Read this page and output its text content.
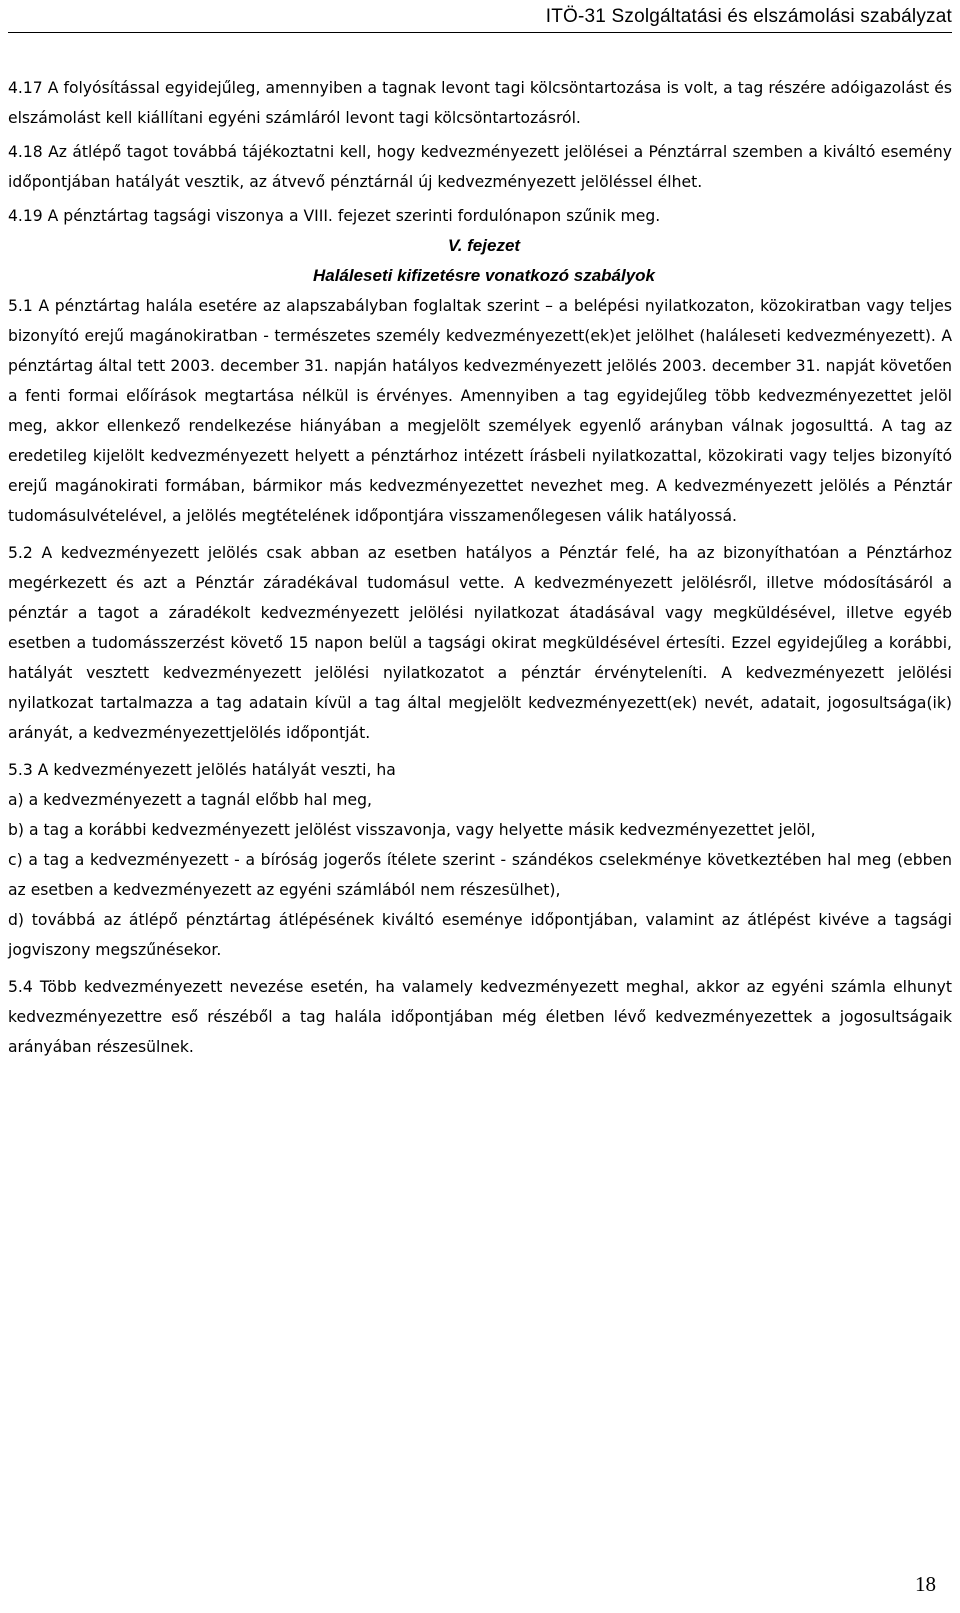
ITÖ-31 Szolgáltatási és elszámolási szabályzat

4.17 A folyósítással egyidejűleg, amennyiben a tagnak levont tagi kölcsöntartozása is volt, a tag részére adóigazolást és elszámolást kell kiállítani egyéni számláról levont tagi kölcsöntartozásról.

4.18 Az átlépő tagot továbbá tájékoztatni kell, hogy kedvezményezett jelölései a Pénztárral szemben a kiváltó esemény időpontjában hatályát vesztik, az átvevő pénztárnál új kedvezményezett jelöléssel élhet.

4.19 A pénztártag tagsági viszonya a VIII. fejezet szerinti fordulónapon szűnik meg.

V. fejezet

Haláleseti kifizetésre vonatkozó szabályok

5.1 A pénztártag halála esetére az alapszabályban foglaltak szerint – a belépési nyilatkozaton, közokiratban vagy teljes bizonyító erejű magánokiratban - természetes személy kedvezményezett(ek)et jelölhet (haláleseti kedvezményezett). A pénztártag által tett 2003. december 31. napján hatályos kedvezményezett jelölés 2003. december 31. napját követően a fenti formai előírások megtartása nélkül is érvényes. Amennyiben a tag egyidejűleg több kedvezményezettet jelöl meg, akkor ellenkező rendelkezése hiányában a megjelölt személyek egyenlő arányban válnak jogosulttá. A tag az eredetileg kijelölt kedvezményezett helyett a pénztárhoz intézett írásbeli nyilatkozattal, közokirati vagy teljes bizonyító erejű magánokirati formában, bármikor más kedvezményezettet nevezhet meg. A kedvezményezett jelölés a Pénztár tudomásulvételével, a jelölés megtételének időpontjára visszamenőlegesen válik hatályossá.

5.2 A kedvezményezett jelölés csak abban az esetben hatályos a Pénztár felé, ha az bizonyíthatóan a Pénztárhoz megérkezett és azt a Pénztár záradékával tudomásul vette. A kedvezményezett jelölésről, illetve módosításáról a pénztár a tagot a záradékolt kedvezményezett jelölési nyilatkozat átadásával vagy megküldésével, illetve egyéb esetben a tudomásszerzést követő 15 napon belül a tagsági okirat megküldésével értesíti. Ezzel egyidejűleg a korábbi, hatályát vesztett kedvezményezett jelölési nyilatkozatot a pénztár érvényteleníti. A kedvezményezett jelölési nyilatkozat tartalmazza a tag adatain kívül a tag által megjelölt kedvezményezett(ek) nevét, adatait, jogosultsága(ik) arányát, a kedvezményezettjelölés időpontját.

5.3 A kedvezményezett jelölés hatályát veszti, ha

a) a kedvezményezett a tagnál előbb hal meg,

b) a tag a korábbi kedvezményezett jelölést visszavonja, vagy helyette másik kedvezményezettet jelöl,

c) a tag a kedvezményezett - a bíróság jogerős ítélete szerint - szándékos cselekménye következtében hal meg (ebben az esetben a kedvezményezett az egyéni számlából nem részesülhet),

d) továbbá az átlépő pénztártag átlépésének kiváltó eseménye időpontjában, valamint az átlépést kivéve a tagsági jogviszony megszűnésekor.

5.4 Több kedvezményezett nevezése esetén, ha valamely kedvezményezett meghal, akkor az egyéni számla elhunyt kedvezményezettre eső részéből a tag halála időpontjában még életben lévő kedvezményezettek a jogosultságaik arányában részesülnek.

18
